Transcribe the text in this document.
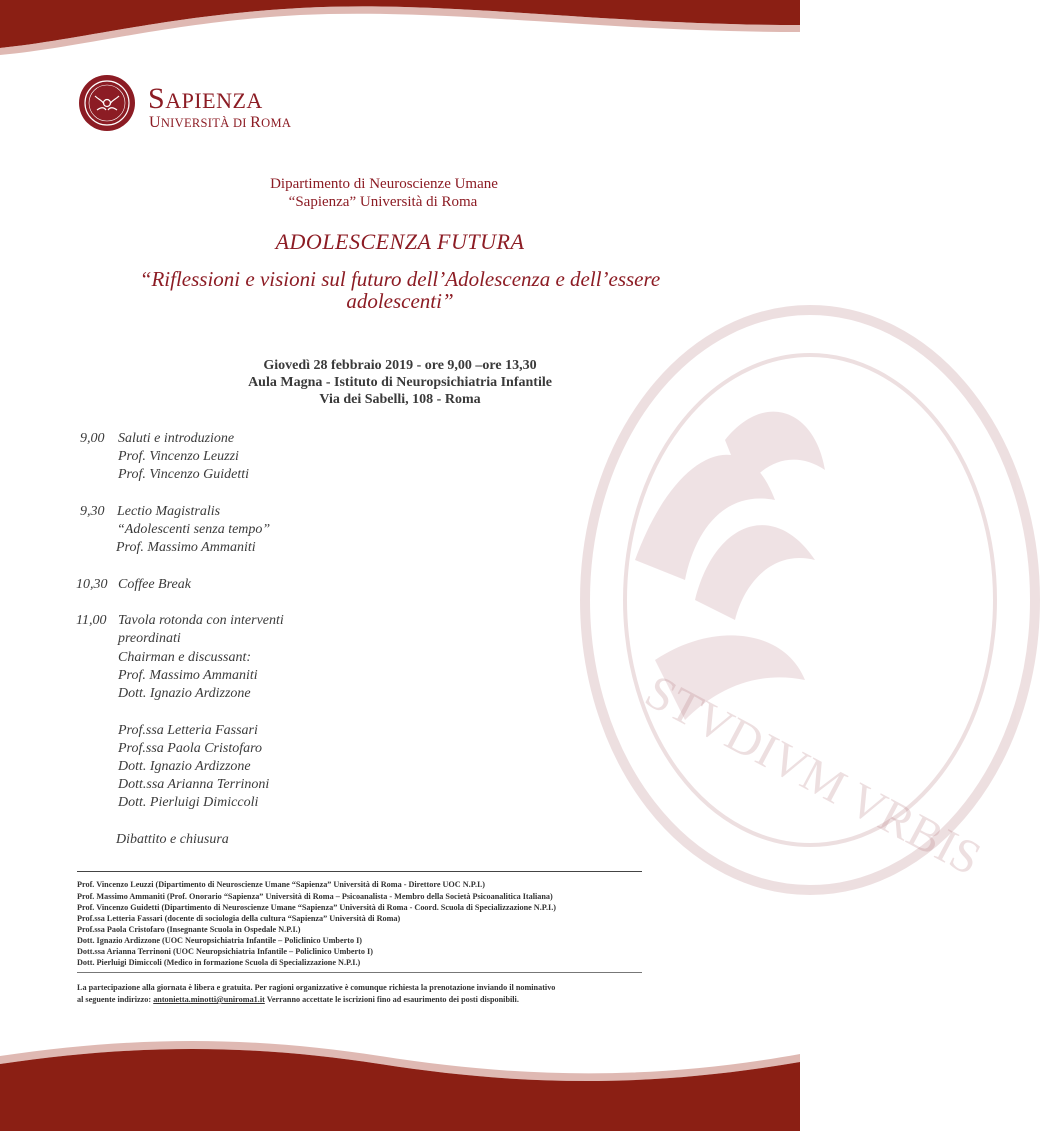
STVDIVM VRBIS
SAPIENZA
UNIVERSITÀ DI ROMA
Dipartimento di Neuroscienze Umane
“Sapienza” Università di Roma
ADOLESCENZA FUTURA
“Riflessioni e visioni sul futuro dell’Adolescenza e dell’essere
adolescenti”
Giovedì 28 febbraio 2019 - ore 9,00 –ore 13,30
Aula Magna - Istituto di Neuropsichiatria Infantile
Via dei Sabelli, 108 - Roma
9,00 Saluti e introduzione
Prof. Vincenzo Leuzzi
Prof. Vincenzo Guidetti
9,30 Lectio Magistralis
“Adolescenti senza tempo”
Prof. Massimo Ammaniti
10,30 Coffee Break
11,00 Tavola rotonda con interventi
preordinati
Chairman e discussant:
Prof. Massimo Ammaniti
Dott. Ignazio Ardizzone
Prof.ssa Letteria Fassari
Prof.ssa Paola Cristofaro
Dott. Ignazio Ardizzone
Dott.ssa Arianna Terrinoni
Dott. Pierluigi Dimiccoli
Dibattito e chiusura
Prof. Vincenzo Leuzzi (Dipartimento di Neuroscienze Umane “Sapienza” Università di Roma - Direttore UOC N.P.I.)
Prof. Massimo Ammaniti (Prof. Onorario “Sapienza” Università di Roma – Psicoanalista - Membro della Società Psicoanalitica Italiana)
Prof. Vincenzo Guidetti (Dipartimento di Neuroscienze Umane “Sapienza” Università di Roma - Coord. Scuola di Specializzazione N.P.I.)
Prof.ssa Letteria Fassari (docente di sociologia della cultura “Sapienza” Università di Roma)
Prof.ssa Paola Cristofaro (Insegnante Scuola in Ospedale N.P.I.)
Dott. Ignazio Ardizzone (UOC Neuropsichiatria Infantile – Policlinico Umberto I)
Dott.ssa Arianna Terrinoni (UOC Neuropsichiatria Infantile – Policlinico Umberto I)
Dott. Pierluigi Dimiccoli (Medico in formazione Scuola di Specializzazione N.P.I.)
La partecipazione alla giornata è libera e gratuita. Per ragioni organizzative è comunque richiesta la prenotazione inviando il nominativo
al seguente indirizzo: antonietta.minotti@uniroma1.it Verranno accettate le iscrizioni fino ad esaurimento dei posti disponibili.
